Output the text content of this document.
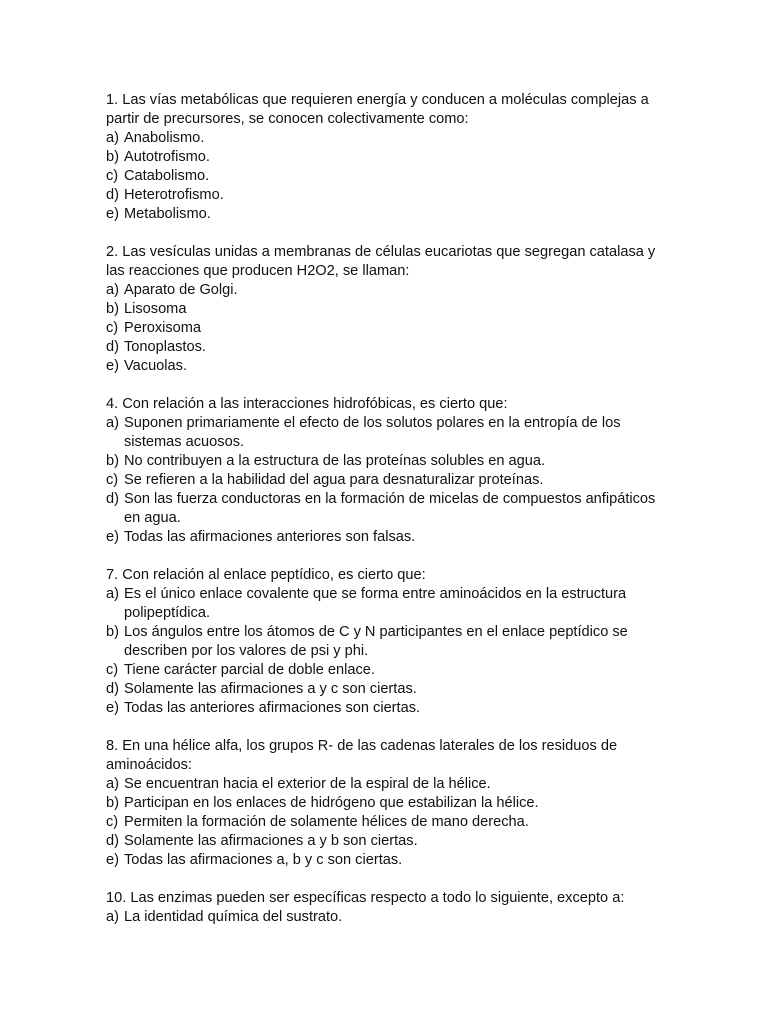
1. Las vías metabólicas que requieren energía y conducen a moléculas complejas a partir de precursores, se conocen colectivamente como:

a) Anabolismo.
b) Autotrofismo.
c) Catabolismo.
d) Heterotrofismo.
e) Metabolismo.

2. Las vesículas unidas a membranas de células eucariotas que segregan catalasa y las reacciones que producen H2O2, se llaman:

a) Aparato de Golgi.
b) Lisosoma
c) Peroxisoma
d) Tonoplastos.
e) Vacuolas.

4. Con relación a las interacciones hidrofóbicas, es cierto que:

a) Suponen primariamente el efecto de los solutos polares en la entropía de los sistemas acuosos.
b) No contribuyen a la estructura de las proteínas solubles en agua.
c) Se refieren a la habilidad del agua para desnaturalizar proteínas.
d) Son las fuerza conductoras en la formación de micelas de compuestos anfipáticos en agua.
e) Todas las afirmaciones anteriores son falsas.

7. Con relación al enlace peptídico, es cierto que:

a) Es el único enlace covalente que se forma entre aminoácidos en la estructura polipeptídica.
b) Los ángulos entre los átomos de C y N participantes en el enlace peptídico se describen por los valores de psi y phi.
c) Tiene carácter parcial de doble enlace.
d) Solamente las afirmaciones a y c son ciertas.
e) Todas las anteriores afirmaciones son ciertas.

8. En una hélice alfa, los grupos R- de las cadenas laterales de los residuos de aminoácidos:

a) Se encuentran hacia el exterior de la espiral de la hélice.
b) Participan en los enlaces de hidrógeno que estabilizan la hélice.
c) Permiten la formación de solamente hélices de mano derecha.
d) Solamente las afirmaciones a y b son ciertas.
e) Todas las afirmaciones a, b y c son ciertas.

10. Las enzimas pueden ser específicas respecto a todo lo siguiente, excepto a:

a) La identidad química del sustrato.
